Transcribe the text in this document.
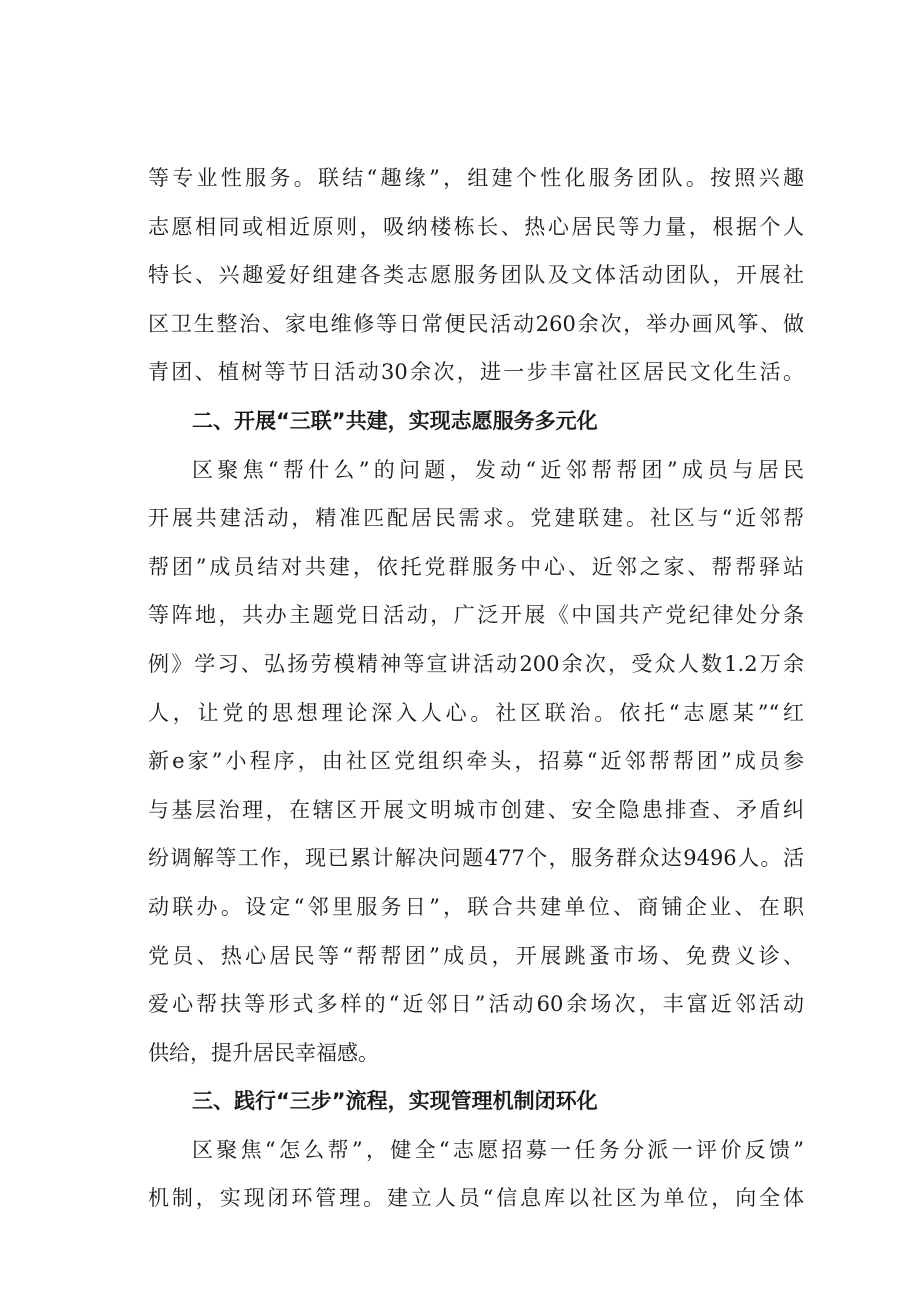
等专业性服务。联结“趣缘”，组建个性化服务团队。按照兴趣
志愿相同或相近原则，吸纳楼栋长、热心居民等力量，根据个人
特长、兴趣爱好组建各类志愿服务团队及文体活动团队，开展社
区卫生整治、家电维修等日常便民活动260余次，举办画风筝、做
青团、植树等节日活动30余次，进一步丰富社区居民文化生活。
二、开展“三联”共建，实现志愿服务多元化
区聚焦“帮什么”的问题，发动“近邻帮帮团”成员与居民
开展共建活动，精准匹配居民需求。党建联建。社区与“近邻帮
帮团”成员结对共建，依托党群服务中心、近邻之家、帮帮驿站
等阵地，共办主题党日活动，广泛开展《中国共产党纪律处分条
例》学习、弘扬劳模精神等宣讲活动200余次，受众人数1.2万余
人，让党的思想理论深入人心。社区联治。依托“志愿某”“红
新e家”小程序，由社区党组织牵头，招募“近邻帮帮团”成员参
与基层治理，在辖区开展文明城市创建、安全隐患排查、矛盾纠
纷调解等工作，现已累计解决问题477个，服务群众达9496人。活
动联办。设定“邻里服务日”，联合共建单位、商铺企业、在职
党员、热心居民等“帮帮团”成员，开展跳蚤市场、免费义诊、
爱心帮扶等形式多样的“近邻日”活动60余场次，丰富近邻活动
供给，提升居民幸福感。
三、践行“三步”流程，实现管理机制闭环化
区聚焦“怎么帮”，健全“志愿招募一任务分派一评价反馈”
机制，实现闭环管理。建立人员“信息库以社区为单位，向全体
